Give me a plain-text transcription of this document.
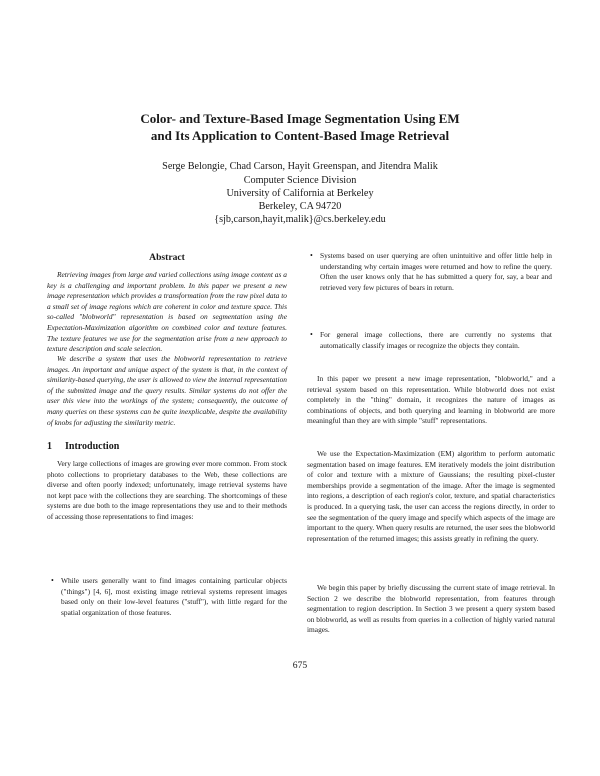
Color- and Texture-Based Image Segmentation Using EM
and Its Application to Content-Based Image Retrieval
Serge Belongie, Chad Carson, Hayit Greenspan, and Jitendra Malik
Computer Science Division
University of California at Berkeley
Berkeley, CA 94720
{sjb,carson,hayit,malik}@cs.berkeley.edu
Abstract
Retrieving images from large and varied collections using image content as a key is a challenging and important problem. In this paper we present a new image representation which provides a transformation from the raw pixel data to a small set of image regions which are coherent in color and texture space. This so-called "blobworld" representation is based on segmentation using the Expectation-Maximization algorithm on combined color and texture features. The texture features we use for the segmentation arise from a new approach to texture description and scale selection.
We describe a system that uses the blobworld representation to retrieve images. An important and unique aspect of the system is that, in the context of similarity-based querying, the user is allowed to view the internal representation of the submitted image and the query results. Similar systems do not offer the user this view into the workings of the system; consequently, the outcome of many queries on these systems can be quite inexplicable, despite the availability of knobs for adjusting the similarity metric.
1 Introduction
Very large collections of images are growing ever more common. From stock photo collections to proprietary databases to the Web, these collections are diverse and often poorly indexed; unfortunately, image retrieval systems have not kept pace with the collections they are searching. The shortcomings of these systems are due both to the image representations they use and to their methods of accessing those representations to find images:
• While users generally want to find images containing particular objects ("things") [4, 6], most existing image retrieval systems represent images based only on their low-level features ("stuff"), with little regard for the spatial organization of those features.
• Systems based on user querying are often unintuitive and offer little help in understanding why certain images were returned and how to refine the query. Often the user knows only that he has submitted a query for, say, a bear and retrieved very few pictures of bears in return.
• For general image collections, there are currently no systems that automatically classify images or recognize the objects they contain.
In this paper we present a new image representation, "blobworld," and a retrieval system based on this representation. While blobworld does not exist completely in the "thing" domain, it recognizes the nature of images as combinations of objects, and both querying and learning in blobworld are more meaningful than they are with simple "stuff" representations.
We use the Expectation-Maximization (EM) algorithm to perform automatic segmentation based on image features. EM iteratively models the joint distribution of color and texture with a mixture of Gaussians; the resulting pixel-cluster memberships provide a segmentation of the image. After the image is segmented into regions, a description of each region's color, texture, and spatial characteristics is produced. In a querying task, the user can access the regions directly, in order to see the segmentation of the query image and specify which aspects of the image are important to the query. When query results are returned, the user sees the blobworld representation of the returned images; this assists greatly in refining the query.
We begin this paper by briefly discussing the current state of image retrieval. In Section 2 we describe the blobworld representation, from features through segmentation to region description. In Section 3 we present a query system based on blobworld, as well as results from queries in a collection of highly varied natural images.
675
